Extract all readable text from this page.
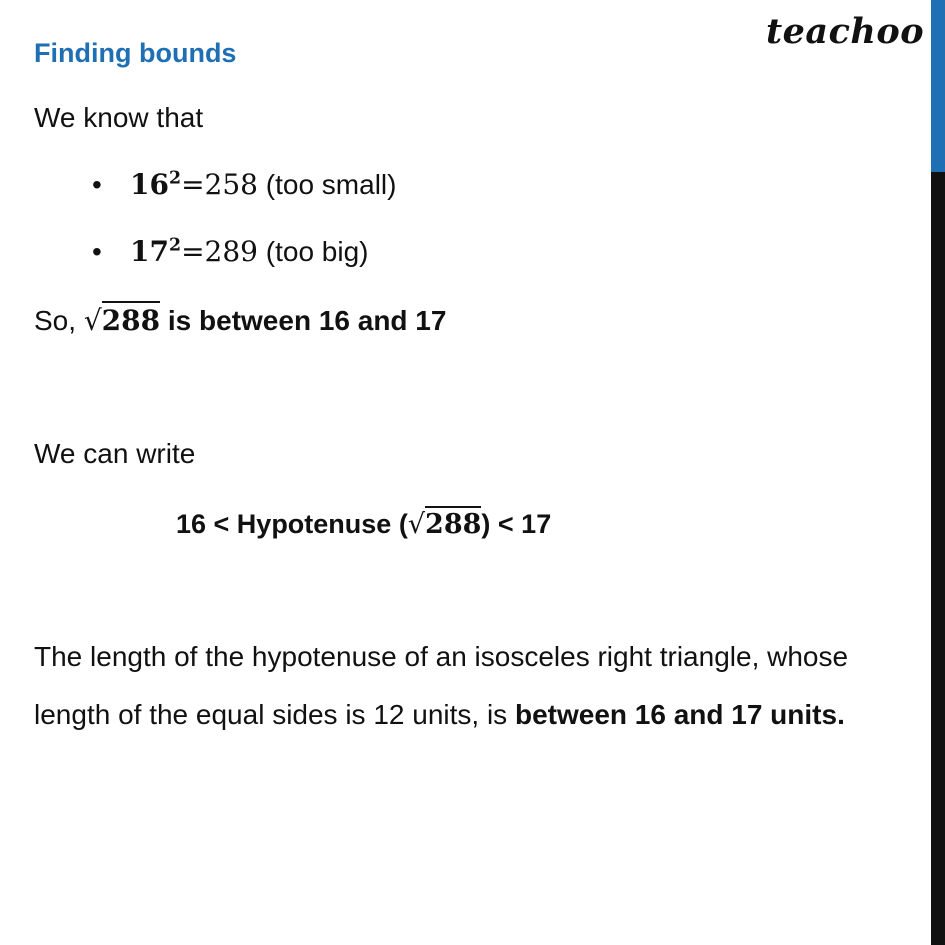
teachoo
Finding bounds
We know that
• $16^2=258$ (too small)
• $17^2=289$ (too big)
So, √288 is between 16 and 17
We can write
16 < Hypotenuse (√288) < 17
The length of the hypotenuse of an isosceles right triangle, whose
length of the equal sides is 12 units, is between 16 and 17 units.
